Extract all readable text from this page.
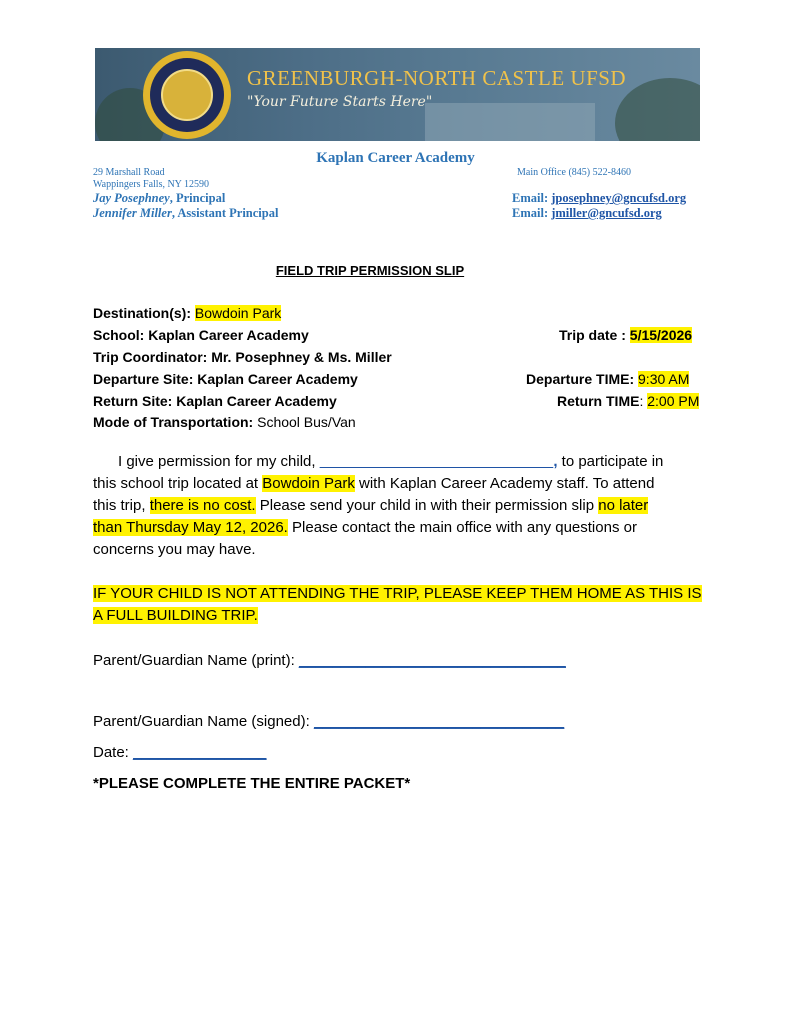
GREENBURGH-NORTH CASTLE UFSD
"Your Future Starts Here"
Kaplan Career Academy
29 Marshall Road
Wappingers Falls, NY 12590
Main Office (845) 522-8460
Jay Posephney, Principal
Jennifer Miller, Assistant Principal
Email: jposephney@gncufsd.org
Email: jmiller@gncufsd.org
FIELD TRIP PERMISSION SLIP
Destination(s): Bowdoin Park
School: Kaplan Career Academy	Trip date : 5/15/2026
Trip Coordinator: Mr. Posephney & Ms. Miller
Departure Site: Kaplan Career Academy	Departure TIME: 9:30 AM
Return Site: Kaplan Career Academy	Return TIME: 2:00 PM
Mode of Transportation: School Bus/Van
I give permission for my child, ____________________________, to participate in
this school trip located at Bowdoin Park with Kaplan Career Academy staff. To attend
this trip, there is no cost. Please send your child in with their permission slip no later
than Thursday May 12, 2026. Please contact the main office with any questions or
concerns you may have.
IF YOUR CHILD IS NOT ATTENDING THE TRIP, PLEASE KEEP THEM HOME AS THIS IS A FULL BUILDING TRIP.
Parent/Guardian Name (print): ________________________________
Parent/Guardian Name (signed): ______________________________
Date: ________________
*PLEASE COMPLETE THE ENTIRE PACKET*
